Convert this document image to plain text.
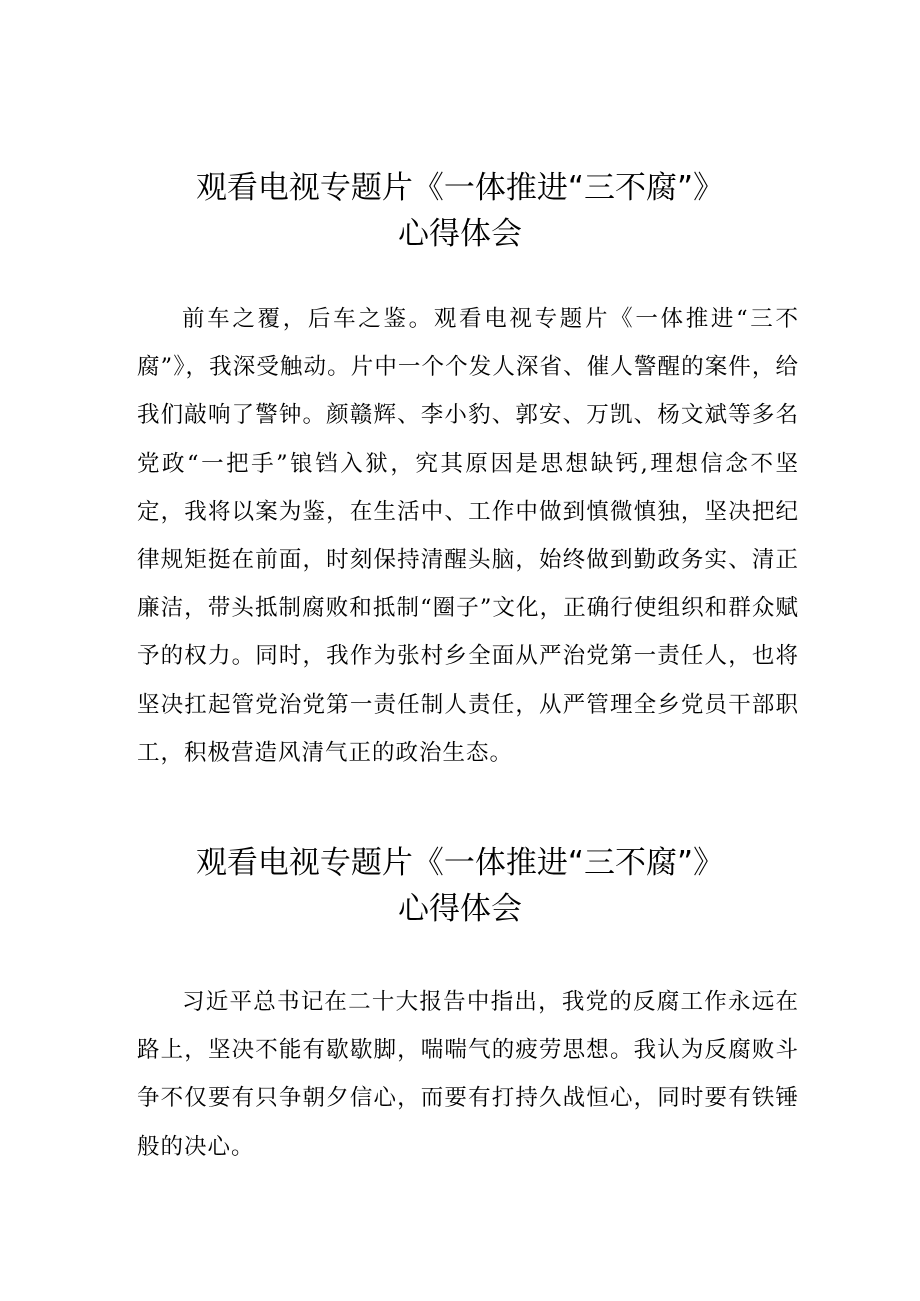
观看电视专题片《一体推进“三不腐”》
心得体会

前车之覆，后车之鉴。观看电视专题片《一体推进“三不腐”》，我深受触动。片中一个个发人深省、催人警醒的案件，给我们敲响了警钟。颜赣辉、李小豹、郭安、万凯、杨文斌等多名党政“一把手”锒铛入狱，究其原因是思想缺钙,理想信念不坚定，我将以案为鉴，在生活中、工作中做到慎微慎独，坚决把纪律规矩挺在前面，时刻保持清醒头脑，始终做到勤政务实、清正廉洁，带头抵制腐败和抵制“圈子”文化，正确行使组织和群众赋予的权力。同时，我作为张村乡全面从严治党第一责任人，也将坚决扛起管党治党第一责任制人责任，从严管理全乡党员干部职工，积极营造风清气正的政治生态。

观看电视专题片《一体推进“三不腐”》
心得体会

习近平总书记在二十大报告中指出，我党的反腐工作永远在路上，坚决不能有歇歇脚，喘喘气的疲劳思想。我认为反腐败斗争不仅要有只争朝夕信心，而要有打持久战恒心，同时要有铁锤般的决心。
